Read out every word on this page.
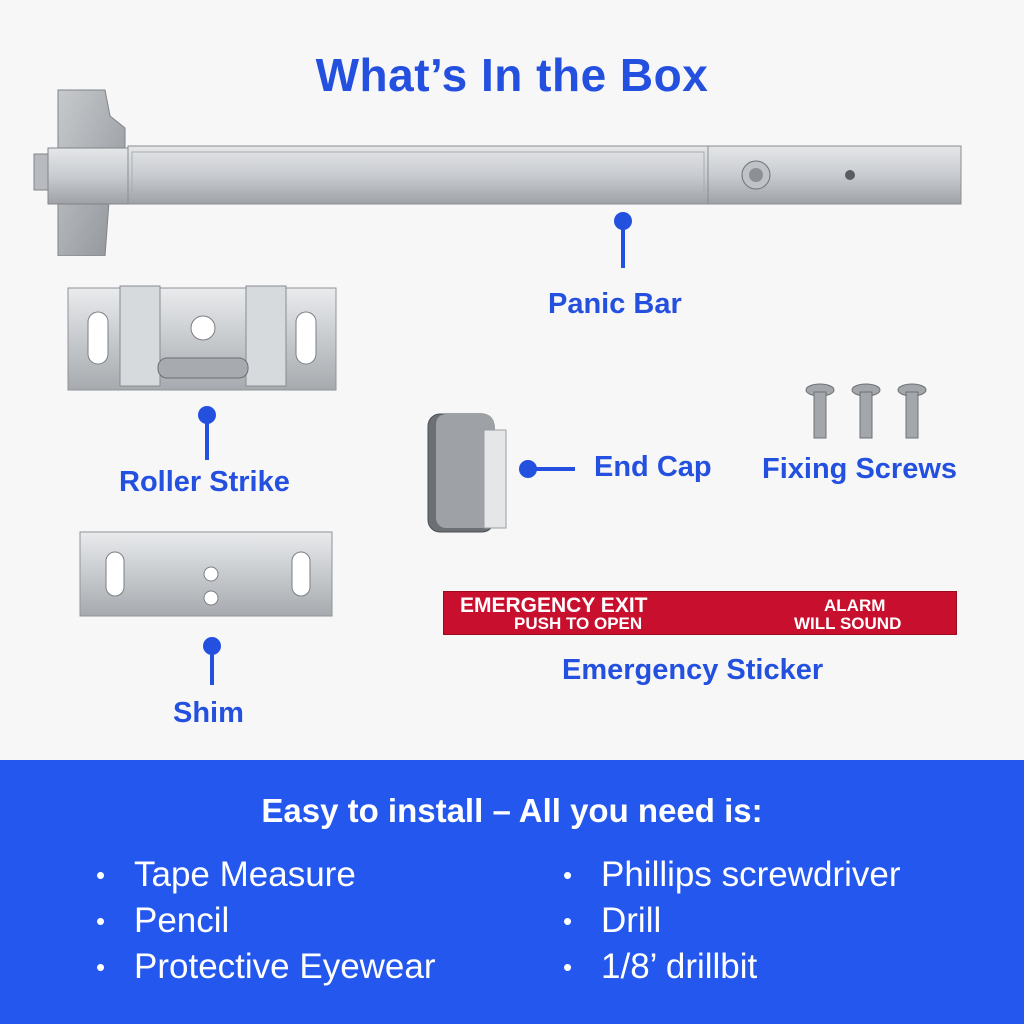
What’s In the Box
Panic Bar
Roller Strike	End Cap Fixing Screws
Shim
EMERGENCY EXIT
PUSH TO OPEN
ALARM
WILL SOUND
Emergency Sticker
Easy to install – All you need is:
• Tape Measure
• Pencil
• Protective Eyewear
• Phillips screwdriver
• Drill
• 1/8’ drillbit
